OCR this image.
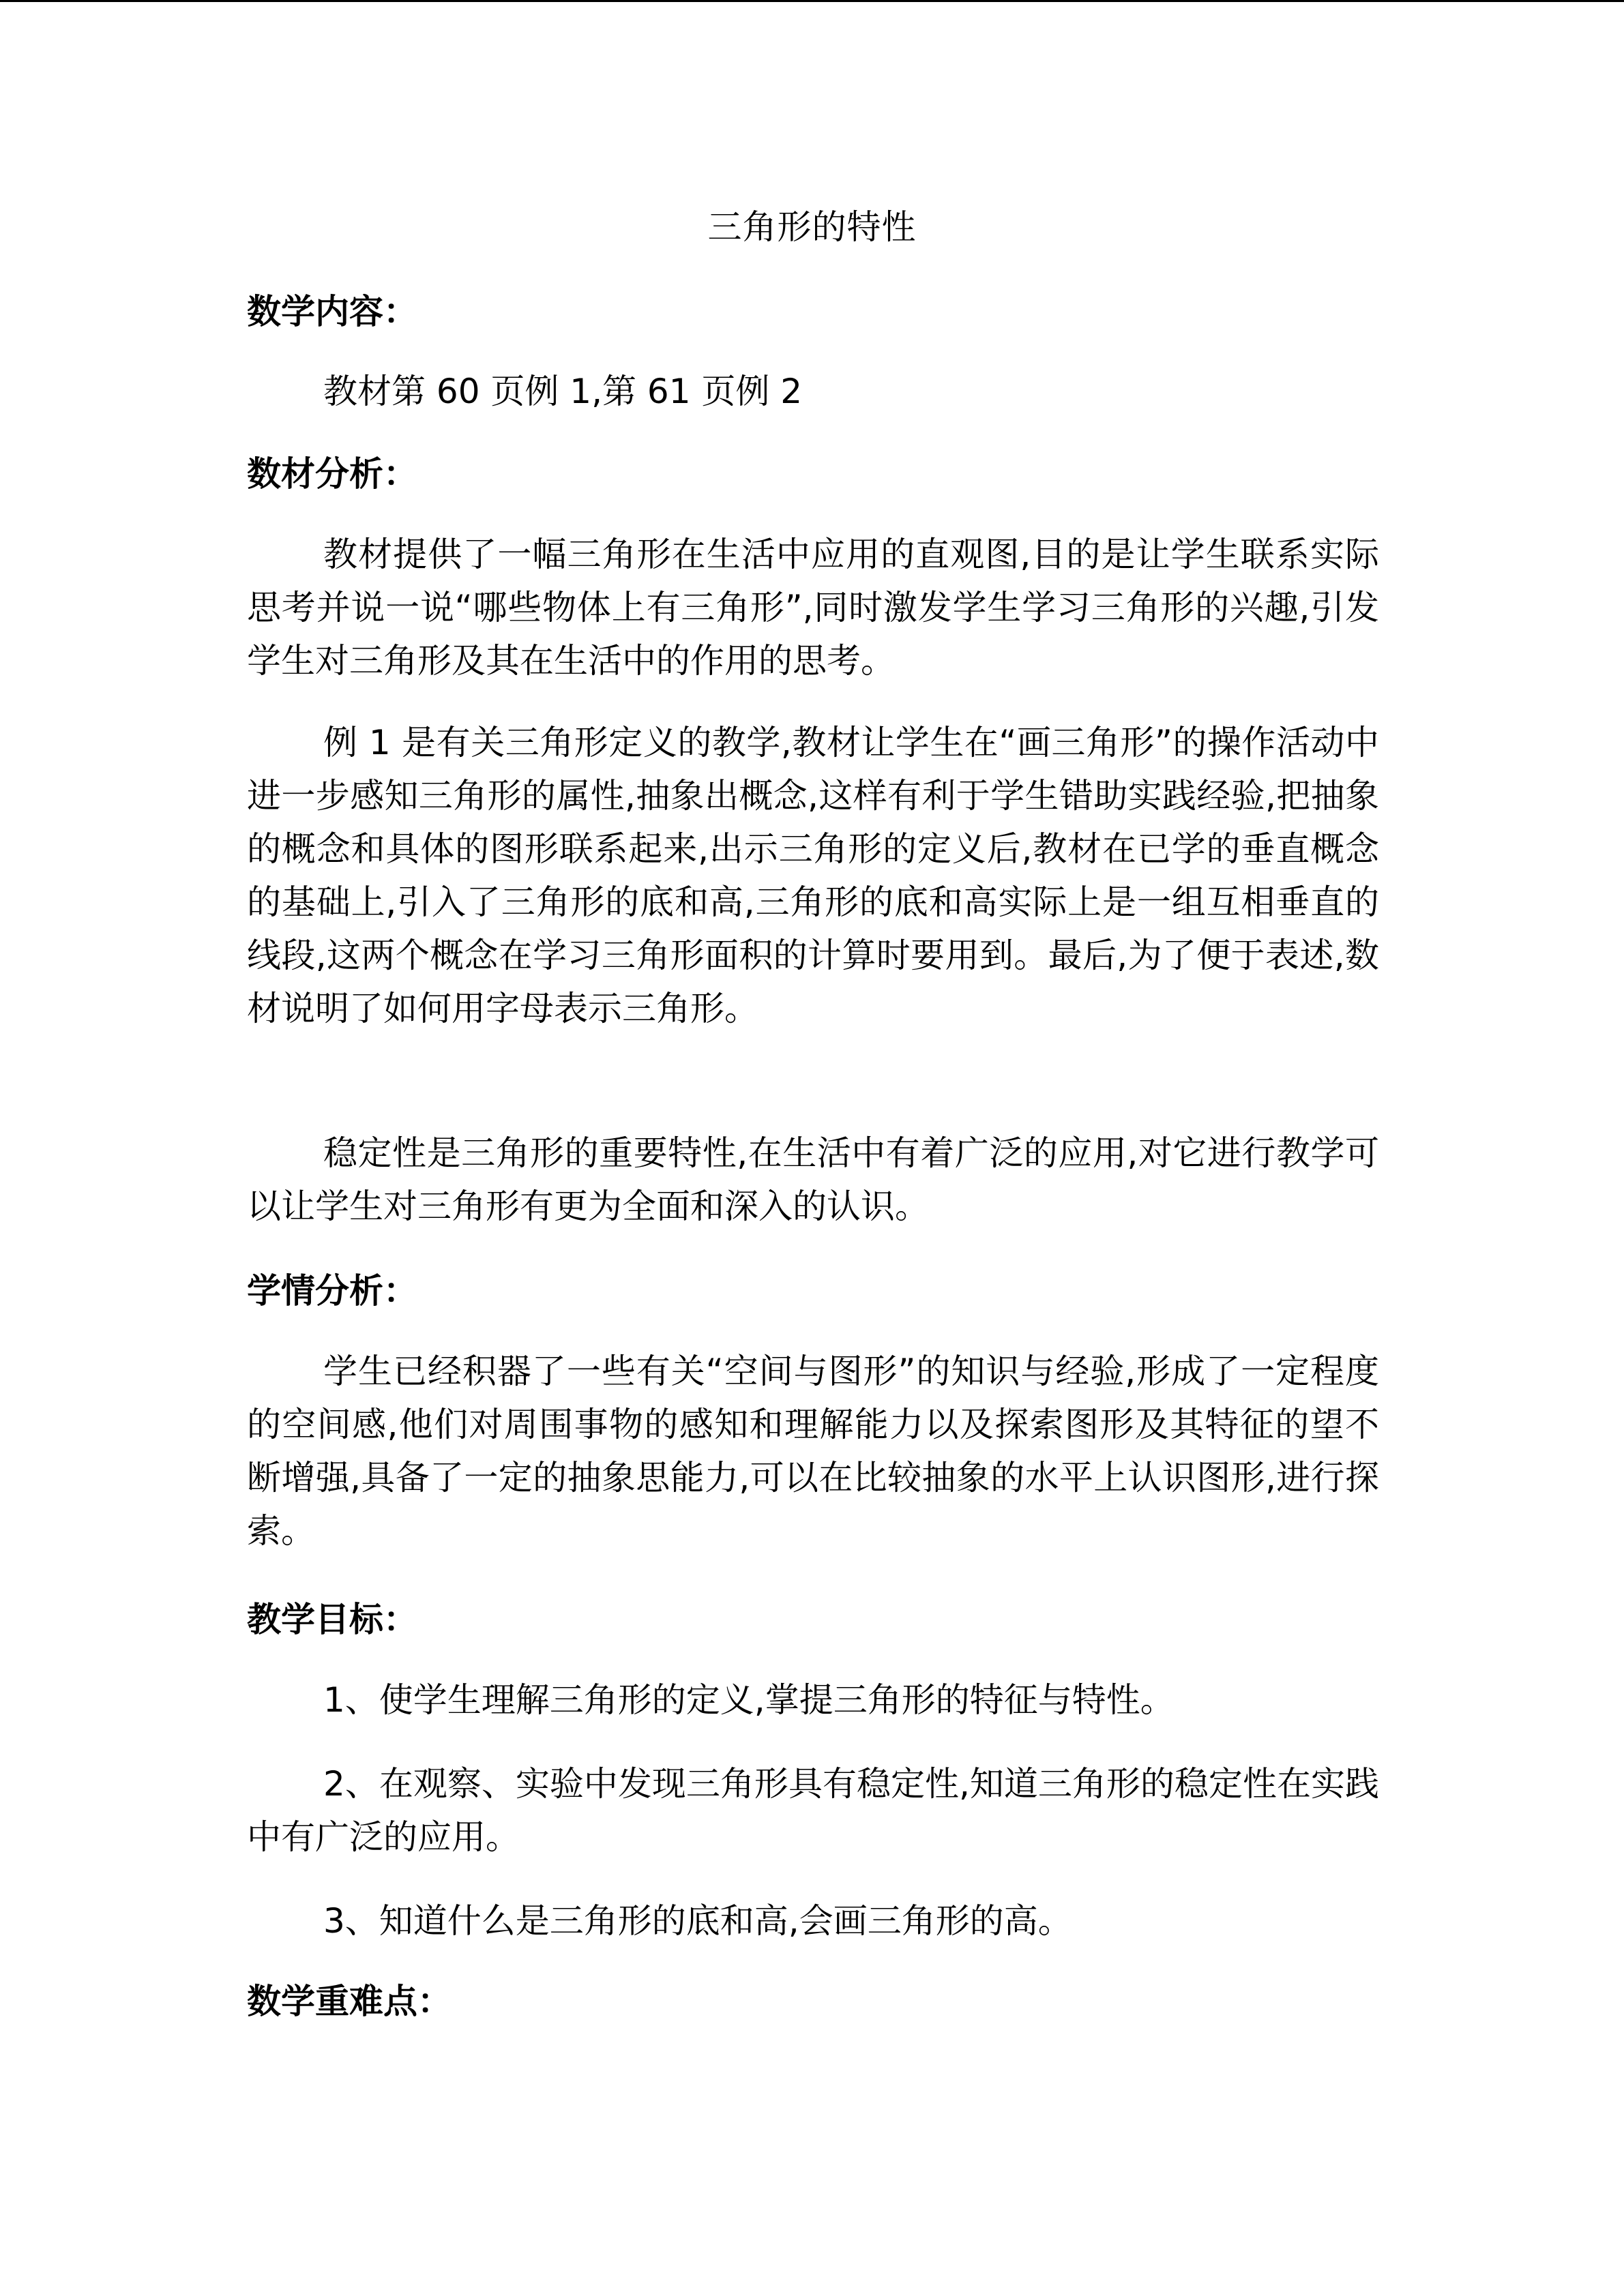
三角形的特性
数学内容：

教材第 60 页例 1,第 61 页例 2

数材分析：

教材提供了一幅三角形在生活中应用的直观图,目的是让学生联系实际思考并说一说“哪些物体上有三角形”,同时激发学生学习三角形的兴趣,引发学生对三角形及其在生活中的作用的思考。

例 1 是有关三角形定义的教学,教材让学生在“画三角形”的操作活动中进一步感知三角形的属性,抽象出概念,这样有利于学生错助实践经验,把抽象的概念和具体的图形联系起来,出示三角形的定义后,教材在已学的垂直概念的基础上,引入了三角形的底和高,三角形的底和高实际上是一组互相垂直的线段,这两个概念在学习三角形面积的计算时要用到。最后,为了便于表述,数材说明了如何用字母表示三角形。

稳定性是三角形的重要特性,在生活中有着广泛的应用,对它进行教学可以让学生对三角形有更为全面和深入的认识。

学情分析：

学生已经积器了一些有关“空间与图形”的知识与经验,形成了一定程度的空间感,他们对周围事物的感知和理解能力以及探索图形及其特征的望不断增强,具备了一定的抽象思能力,可以在比较抽象的水平上认识图形,进行探索。

教学目标：

1、使学生理解三角形的定义,掌提三角形的特征与特性。

2、在观察、实验中发现三角形具有稳定性,知道三角形的稳定性在实践中有广泛的应用。

3、知道什么是三角形的底和高,会画三角形的高。

数学重难点：
